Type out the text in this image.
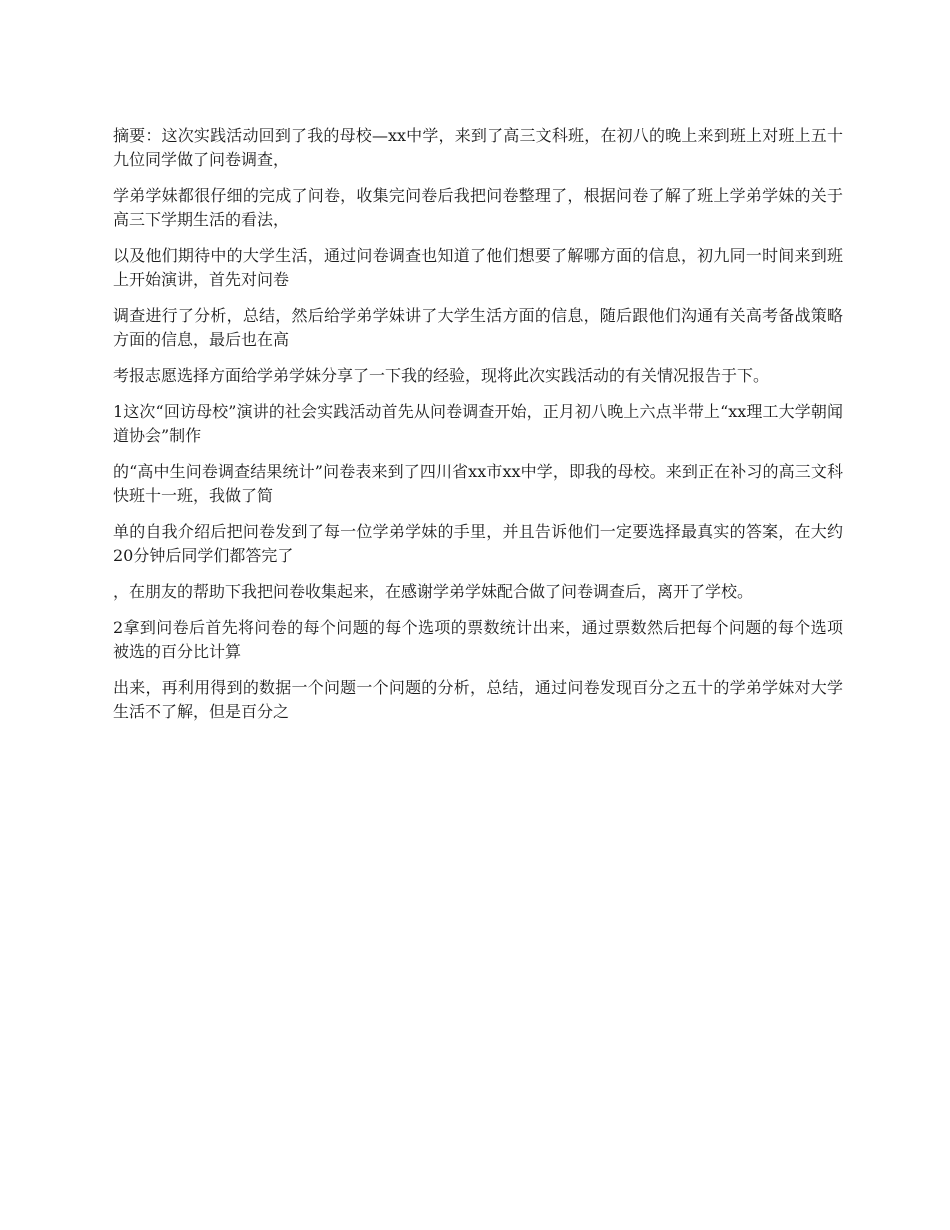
摘要：这次实践活动回到了我的母校—xx中学，来到了高三文科班，在初八的晚上来到班上对班上五十九位同学做了问卷调查，

学弟学妹都很仔细的完成了问卷，收集完问卷后我把问卷整理了，根据问卷了解了班上学弟学妹的关于高三下学期生活的看法，

以及他们期待中的大学生活，通过问卷调查也知道了他们想要了解哪方面的信息，初九同一时间来到班上开始演讲，首先对问卷

调查进行了分析，总结，然后给学弟学妹讲了大学生活方面的信息，随后跟他们沟通有关高考备战策略方面的信息，最后也在高

考报志愿选择方面给学弟学妹分享了一下我的经验，现将此次实践活动的有关情况报告于下。

1这次“回访母校”演讲的社会实践活动首先从问卷调查开始，正月初八晚上六点半带上“xx理工大学朝闻道协会”制作

的“高中生问卷调查结果统计”问卷表来到了四川省xx市xx中学，即我的母校。来到正在补习的高三文科快班十一班，我做了简

单的自我介绍后把问卷发到了每一位学弟学妹的手里，并且告诉他们一定要选择最真实的答案，在大约20分钟后同学们都答完了

，在朋友的帮助下我把问卷收集起来，在感谢学弟学妹配合做了问卷调查后，离开了学校。

2拿到问卷后首先将问卷的每个问题的每个选项的票数统计出来，通过票数然后把每个问题的每个选项被选的百分比计算

出来，再利用得到的数据一个问题一个问题的分析，总结，通过问卷发现百分之五十的学弟学妹对大学生活不了解，但是百分之
